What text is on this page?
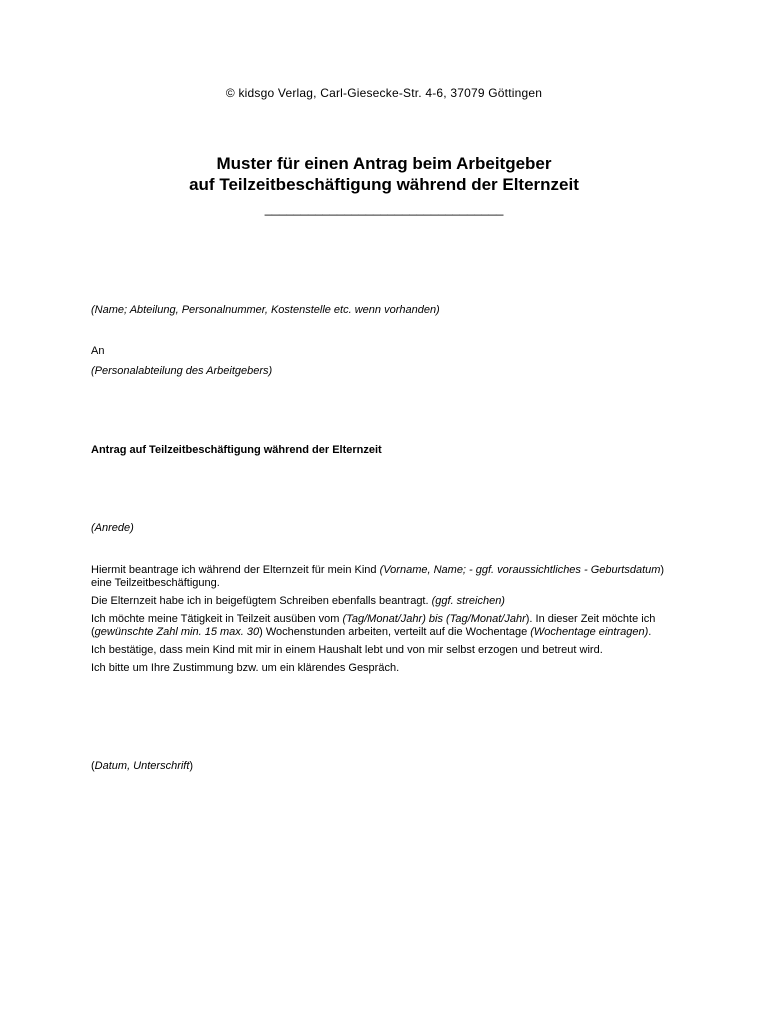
© kidsgo Verlag, Carl-Giesecke-Str. 4-6, 37079 Göttingen
Muster für einen Antrag beim Arbeitgeber
auf Teilzeitbeschäftigung während der Elternzeit
_________________________________
(Name; Abteilung, Personalnummer, Kostenstelle etc. wenn vorhanden)
An
(Personalabteilung des Arbeitgebers)
Antrag auf Teilzeitbeschäftigung während der Elternzeit
(Anrede)

Hiermit beantrage ich während der Elternzeit für mein Kind (Vorname, Name; - ggf. voraussichtliches - Geburtsdatum) eine Teilzeitbeschäftigung.

Die Elternzeit habe ich in beigefügtem Schreiben ebenfalls beantragt. (ggf. streichen)

Ich möchte meine Tätigkeit in Teilzeit ausüben vom (Tag/Monat/Jahr) bis (Tag/Monat/Jahr). In dieser Zeit möchte ich (gewünschte Zahl min. 15 max. 30) Wochenstunden arbeiten, verteilt auf die Wochentage (Wochentage eintragen).

Ich bestätige, dass mein Kind mit mir in einem Haushalt lebt und von mir selbst erzogen und betreut wird.

Ich bitte um Ihre Zustimmung bzw. um ein klärendes Gespräch.

(Datum, Unterschrift)
